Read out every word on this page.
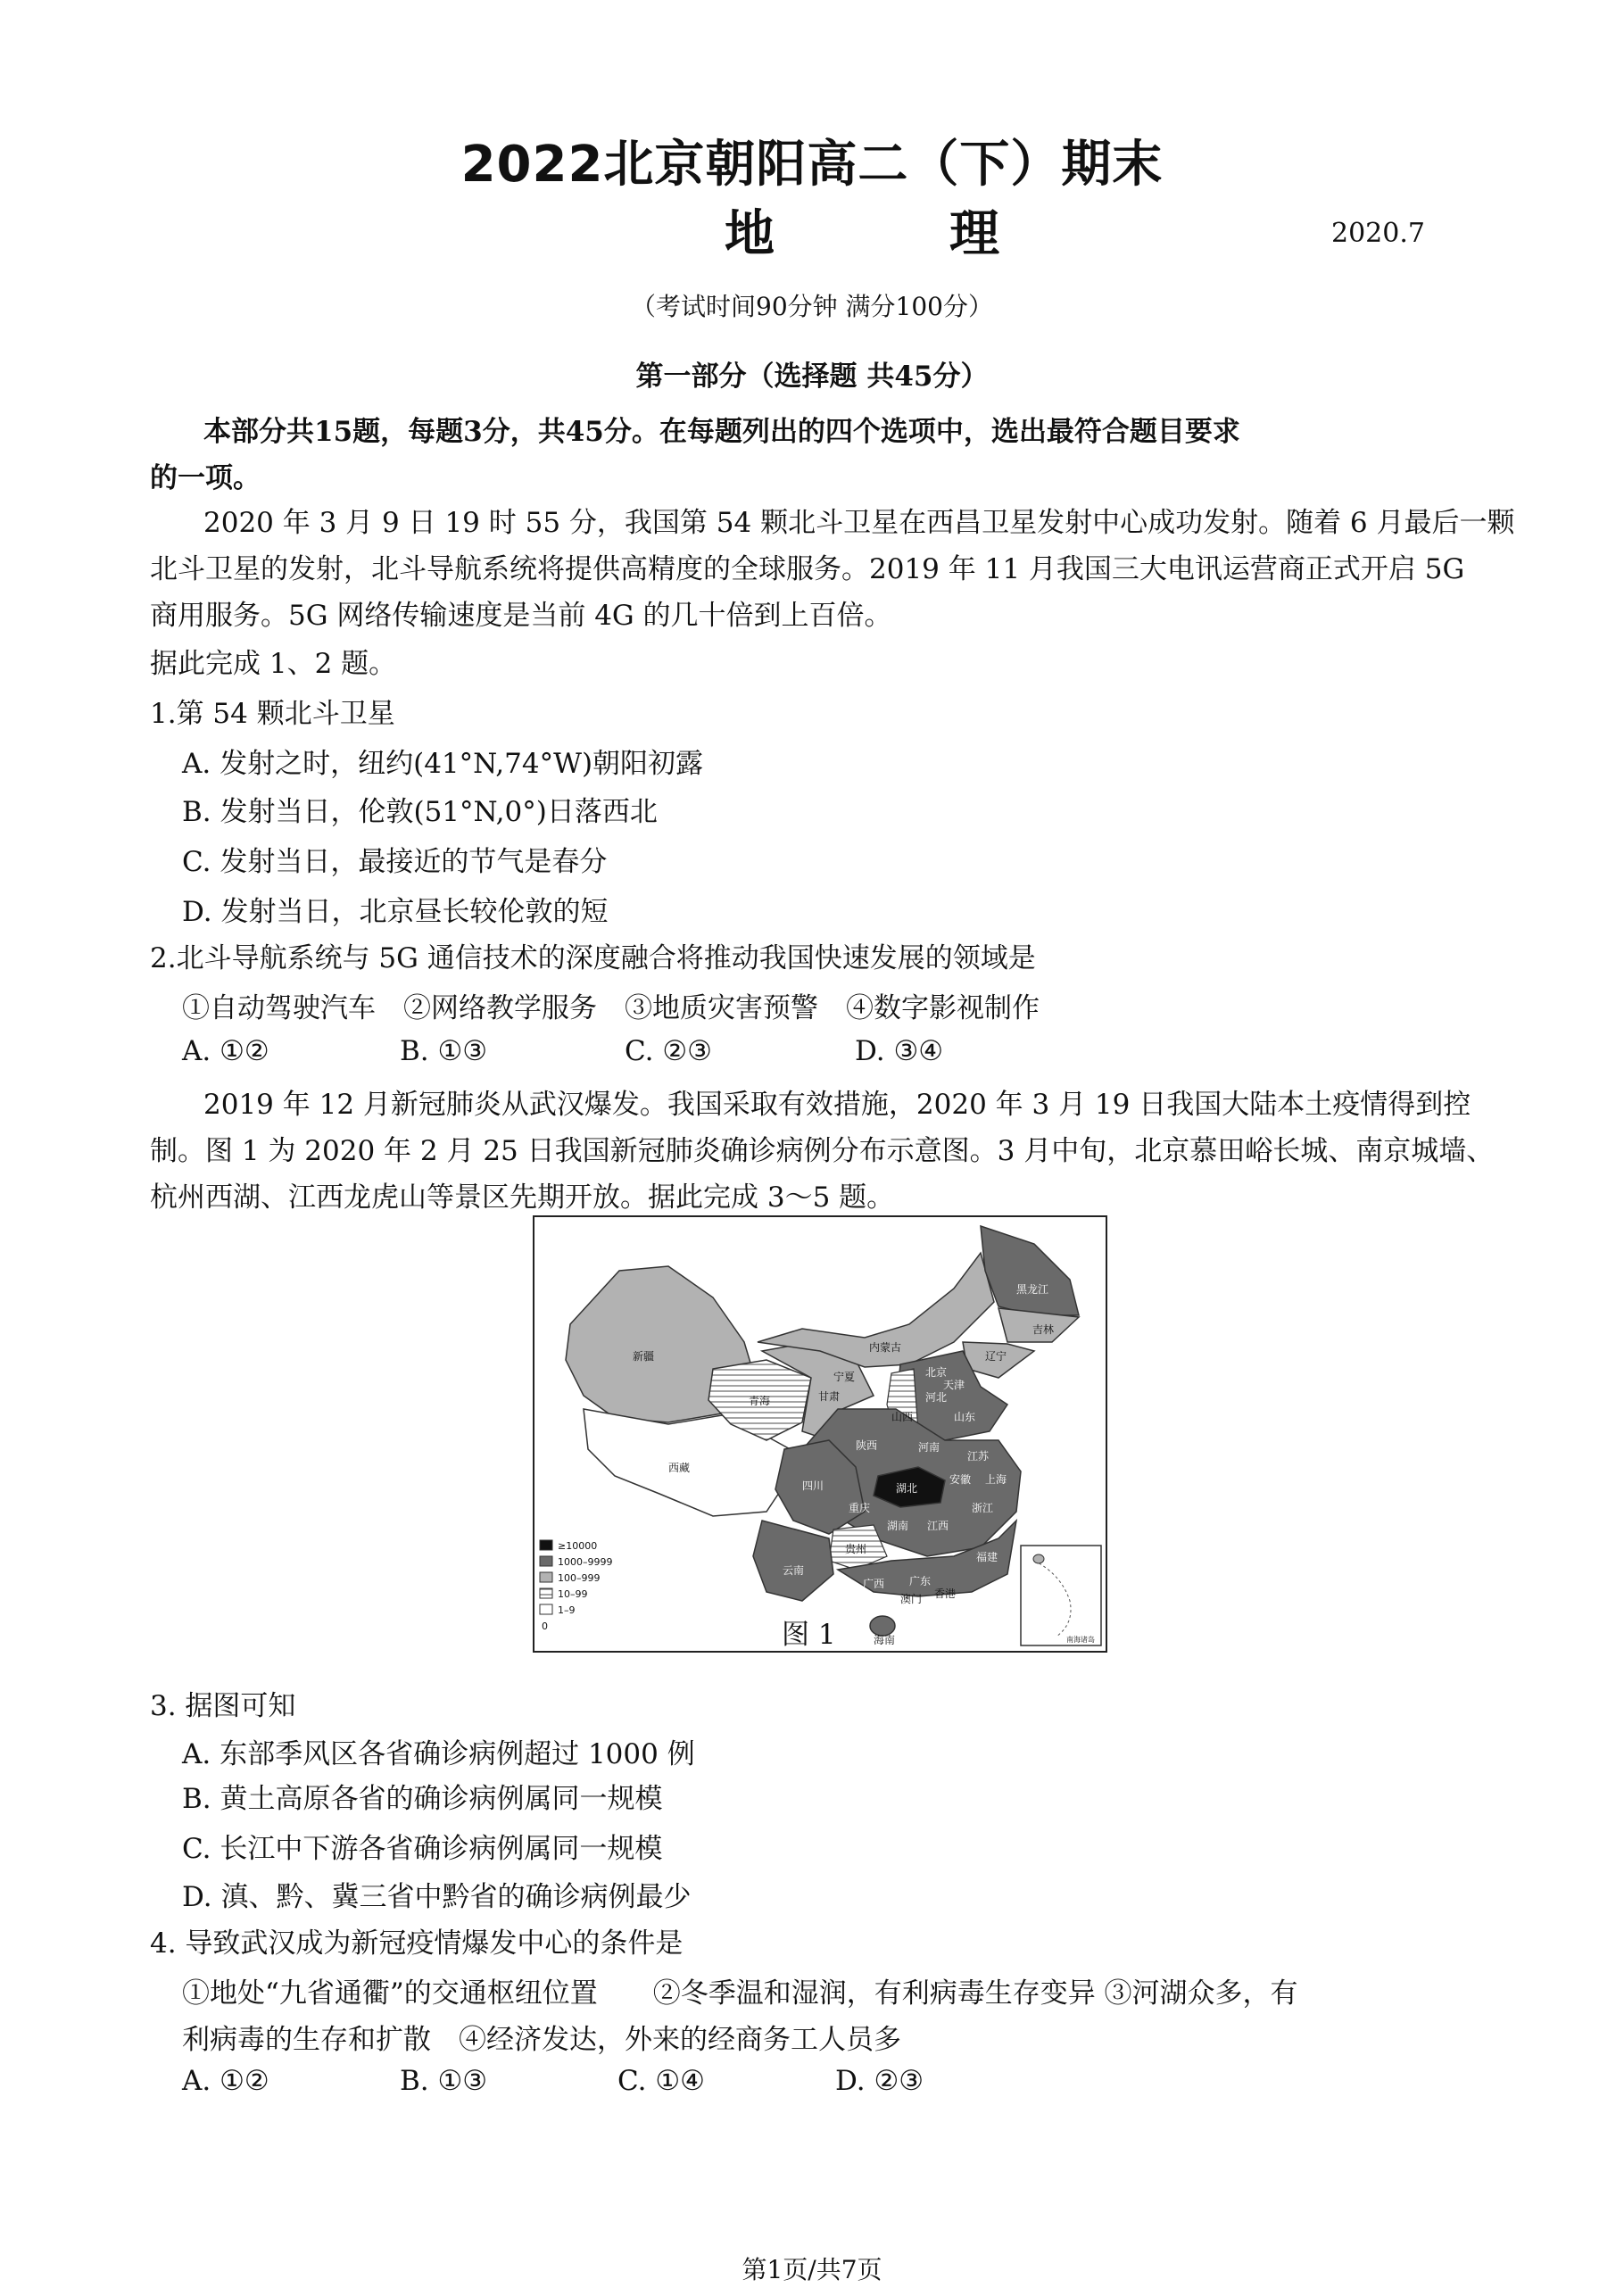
2022北京朝阳高二（下）期末
地　理	2020.7
（考试时间90分钟 满分100分）
第一部分（选择题 共45分）
本部分共15题，每题3分，共45分。在每题列出的四个选项中，选出最符合题目要求
的一项。
2020 年 3 月 9 日 19 时 55 分，我国第 54 颗北斗卫星在西昌卫星发射中心成功发射。随着 6 月最后一颗
北斗卫星的发射，北斗导航系统将提供高精度的全球服务。2019 年 11 月我国三大电讯运营商正式开启 5G
商用服务。5G 网络传输速度是当前 4G 的几十倍到上百倍。
据此完成 1、2 题。
1.第 54 颗北斗卫星
A. 发射之时，纽约(41°N,74°W)朝阳初露
B. 发射当日，伦敦(51°N,0°)日落西北
C. 发射当日，最接近的节气是春分
D. 发射当日，北京昼长较伦敦的短
2.北斗导航系统与 5G 通信技术的深度融合将推动我国快速发展的领域是
①自动驾驶汽车　②网络教学服务　③地质灾害预警　④数字影视制作
A. ①②	B. ①③	C. ②③	D. ③④
2019 年 12 月新冠肺炎从武汉爆发。我国采取有效措施，2020 年 3 月 19 日我国大陆本土疫情得到控
制。图 1 为 2020 年 2 月 25 日我国新冠肺炎确诊病例分布示意图。3 月中旬，北京慕田峪长城、南京城墙、
杭州西湖、江西龙虎山等景区先期开放。据此完成 3～5 题。
新疆
西藏
青海	甘肃
宁夏
内蒙古
黑龙江
吉林
辽宁
北京
天津
河北
山西	山东
陕西	河南
江苏
安徽 上海
湖北
四川
重庆
湖南 江西
浙江
贵州
云南
广西 广东
福建
澳门 香港
海南	南海诸岛
≥10000
1000–9999
100–999
10–99
1–9
0	图 1
3. 据图可知
A. 东部季风区各省确诊病例超过 1000 例
B. 黄土高原各省的确诊病例属同一规模
C. 长江中下游各省确诊病例属同一规模
D. 滇、黔、冀三省中黔省的确诊病例最少
4. 导致武汉成为新冠疫情爆发中心的条件是
①地处“九省通衢”的交通枢纽位置　　②冬季温和湿润，有利病毒生存变异 ③河湖众多，有
利病毒的生存和扩散　④经济发达，外来的经商务工人员多
A. ①②	B. ①③	C. ①④	D. ②③
第1页/共7页
